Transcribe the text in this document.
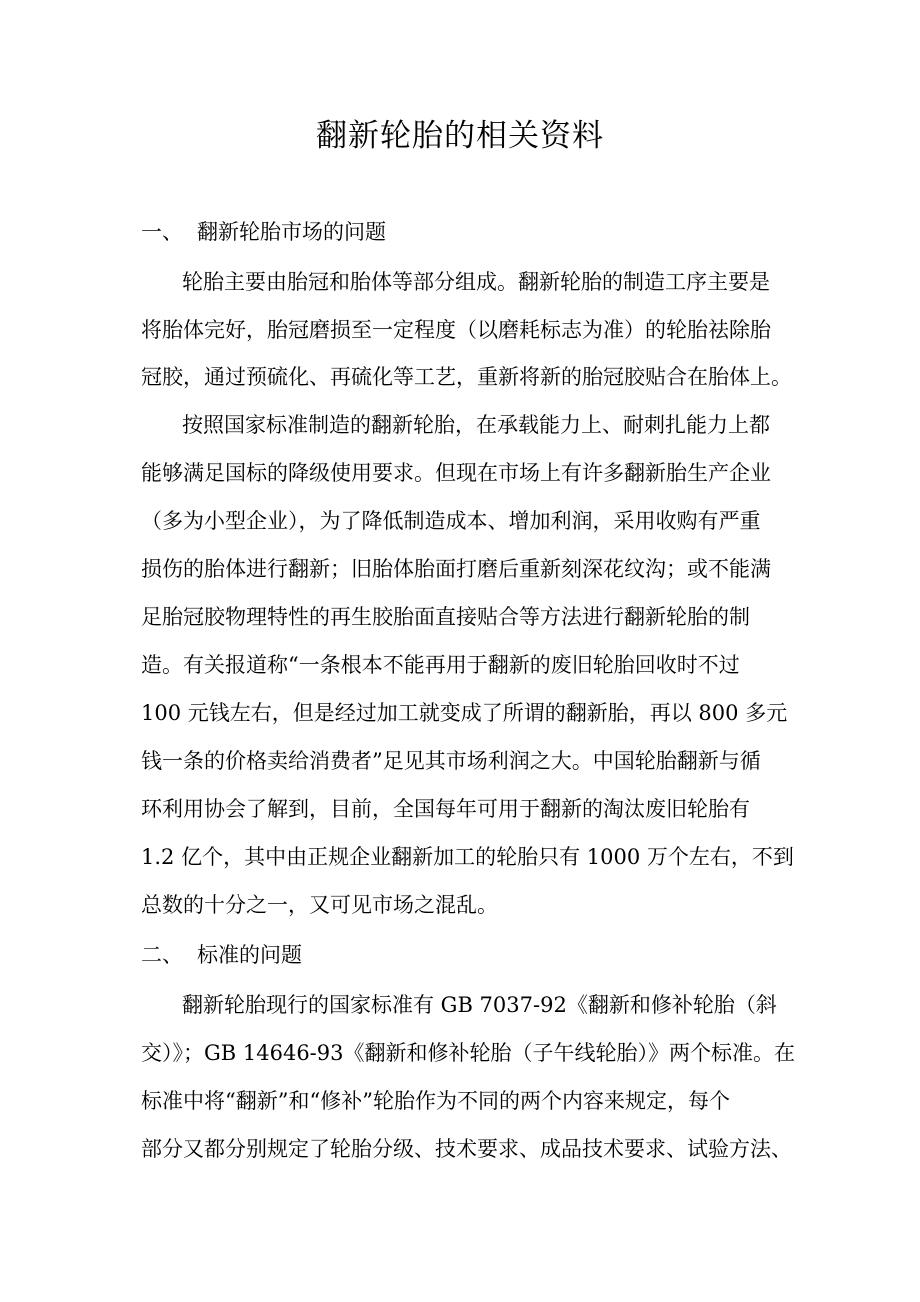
翻新轮胎的相关资料
一、 翻新轮胎市场的问题
轮胎主要由胎冠和胎体等部分组成。翻新轮胎的制造工序主要是
将胎体完好，胎冠磨损至一定程度（以磨耗标志为准）的轮胎祛除胎
冠胶，通过预硫化、再硫化等工艺，重新将新的胎冠胶贴合在胎体上。
按照国家标准制造的翻新轮胎，在承载能力上、耐刺扎能力上都
能够满足国标的降级使用要求。但现在市场上有许多翻新胎生产企业
（多为小型企业），为了降低制造成本、增加利润，采用收购有严重
损伤的胎体进行翻新；旧胎体胎面打磨后重新刻深花纹沟；或不能满
足胎冠胶物理特性的再生胶胎面直接贴合等方法进行翻新轮胎的制
造。有关报道称“一条根本不能再用于翻新的废旧轮胎回收时不过
100 元钱左右，但是经过加工就变成了所谓的翻新胎，再以 800 多元
钱一条的价格卖给消费者”足见其市场利润之大。中国轮胎翻新与循
环利用协会了解到，目前，全国每年可用于翻新的淘汰废旧轮胎有
1.2 亿个，其中由正规企业翻新加工的轮胎只有 1000 万个左右，不到
总数的十分之一，又可见市场之混乱。
二、 标准的问题
翻新轮胎现行的国家标准有 GB 7037-92《翻新和修补轮胎（斜
交）》；GB 14646-93《翻新和修补轮胎（子午线轮胎）》两个标准。在
标准中将“翻新”和“修补”轮胎作为不同的两个内容来规定，每个
部分又都分别规定了轮胎分级、技术要求、成品技术要求、试验方法、
